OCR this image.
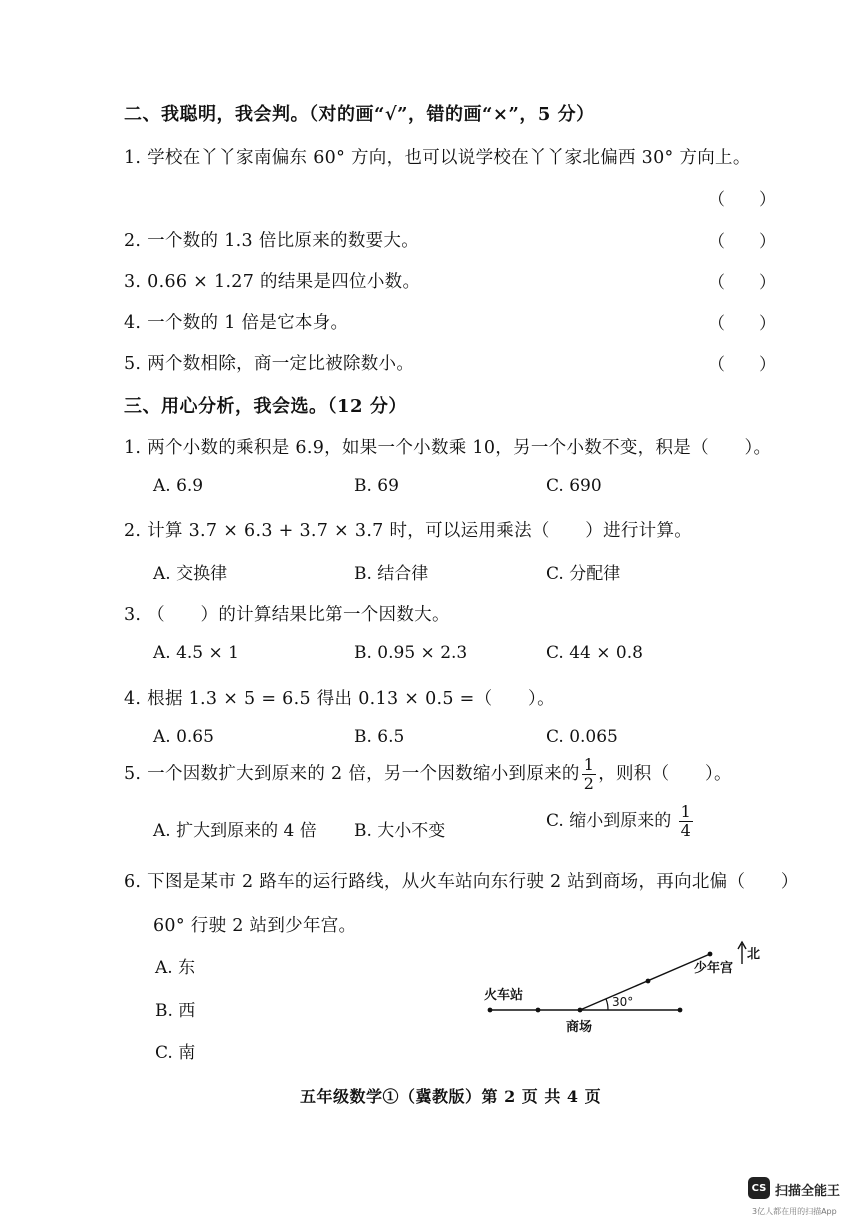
二、我聪明，我会判。（对的画“√”，错的画“×”，5 分）
1. 学校在丫丫家南偏东 60° 方向，也可以说学校在丫丫家北偏西 30° 方向上。
（　　）
2. 一个数的 1.3 倍比原来的数要大。	（　　）
3. 0.66 × 1.27 的结果是四位小数。	（　　）
4. 一个数的 1 倍是它本身。	（　　）
5. 两个数相除，商一定比被除数小。	（　　）
三、用心分析，我会选。（12 分）
1. 两个小数的乘积是 6.9，如果一个小数乘 10，另一个小数不变，积是（　　）。
A. 6.9	B. 69	C. 690
2. 计算 3.7 × 6.3 + 3.7 × 3.7 时，可以运用乘法（　　）进行计算。
A. 交换律	B. 结合律	C. 分配律
3. （　　）的计算结果比第一个因数大。
A. 4.5 × 1	B. 0.95 × 2.3	C. 44 × 0.8
4. 根据 1.3 × 5 = 6.5 得出 0.13 × 0.5 =（　　）。
A. 0.65	B. 6.5	C. 0.065
5. 一个因数扩大到原来的 2 倍，另一个因数缩小到原来的 $\frac{1}{2}$ ，则积（　　）。
A. 扩大到原来的 4 倍 B. 大小不变	C. 缩小到原来的 $\frac{1}{4}$
6. 下图是某市 2 路车的运行路线，从火车站向东行驶 2 站到商场，再向北偏（　　）
60° 行驶 2 站到少年宫。
A. 东
B. 西
C. 南
30°
火车站
商场
少年宫
北
五年级数学①（冀教版）第 2 页 共 4 页
CS 扫描全能王
3亿人都在用的扫描App
